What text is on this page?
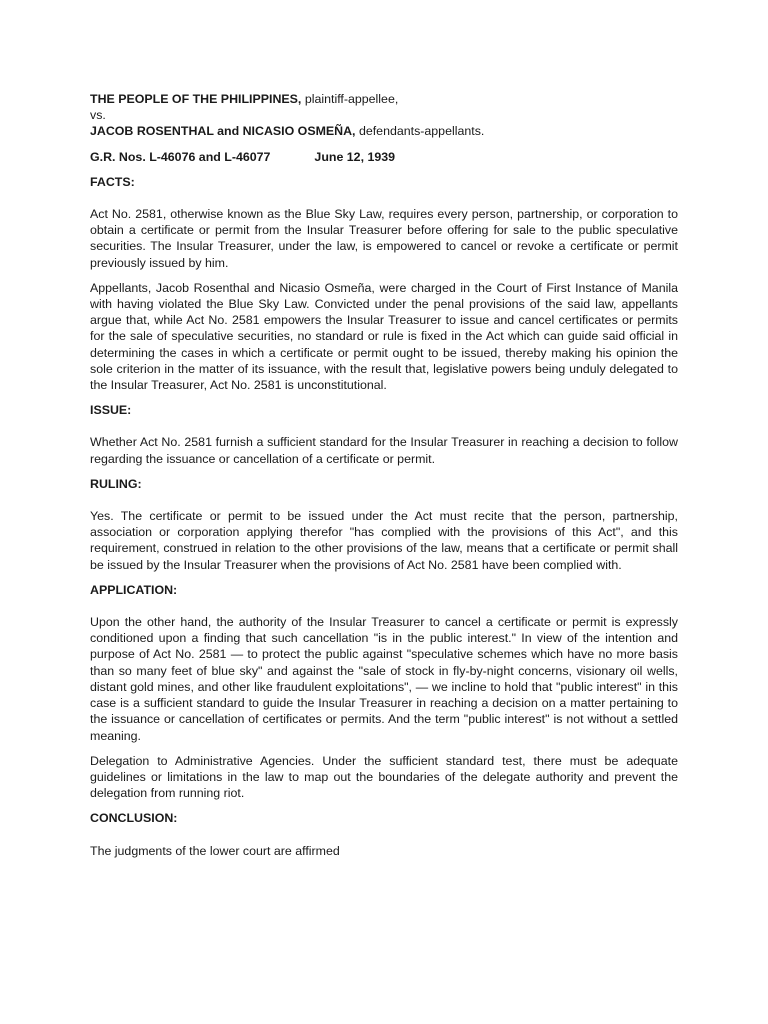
THE PEOPLE OF THE PHILIPPINES, plaintiff-appellee,
vs.
JACOB ROSENTHAL and NICASIO OSMEÑA, defendants-appellants.
G.R. Nos. L-46076 and L-46077	June 12, 1939
FACTS:

Act No. 2581, otherwise known as the Blue Sky Law, requires every person, partnership, or corporation to obtain a certificate or permit from the Insular Treasurer before offering for sale to the public speculative securities. The Insular Treasurer, under the law, is empowered to cancel or revoke a certificate or permit previously issued by him.

Appellants, Jacob Rosenthal and Nicasio Osmeña, were charged in the Court of First Instance of Manila with having violated the Blue Sky Law. Convicted under the penal provisions of the said law, appellants argue that, while Act No. 2581 empowers the Insular Treasurer to issue and cancel certificates or permits for the sale of speculative securities, no standard or rule is fixed in the Act which can guide said official in determining the cases in which a certificate or permit ought to be issued, thereby making his opinion the sole criterion in the matter of its issuance, with the result that, legislative powers being unduly delegated to the Insular Treasurer, Act No. 2581 is unconstitutional.

ISSUE:

Whether Act No. 2581 furnish a sufficient standard for the Insular Treasurer in reaching a decision to follow regarding the issuance or cancellation of a certificate or permit.

RULING:

Yes. The certificate or permit to be issued under the Act must recite that the person, partnership, association or corporation applying therefor "has complied with the provisions of this Act", and this requirement, construed in relation to the other provisions of the law, means that a certificate or permit shall be issued by the Insular Treasurer when the provisions of Act No. 2581 have been complied with.

APPLICATION:

Upon the other hand, the authority of the Insular Treasurer to cancel a certificate or permit is expressly conditioned upon a finding that such cancellation "is in the public interest." In view of the intention and purpose of Act No. 2581 — to protect the public against "speculative schemes which have no more basis than so many feet of blue sky" and against the "sale of stock in fly-by-night concerns, visionary oil wells, distant gold mines, and other like fraudulent exploitations", — we incline to hold that "public interest" in this case is a sufficient standard to guide the Insular Treasurer in reaching a decision on a matter pertaining to the issuance or cancellation of certificates or permits. And the term "public interest" is not without a settled meaning.

Delegation to Administrative Agencies. Under the sufficient standard test, there must be adequate guidelines or limitations in the law to map out the boundaries of the delegate authority and prevent the delegation from running riot.

CONCLUSION:

The judgments of the lower court are affirmed
